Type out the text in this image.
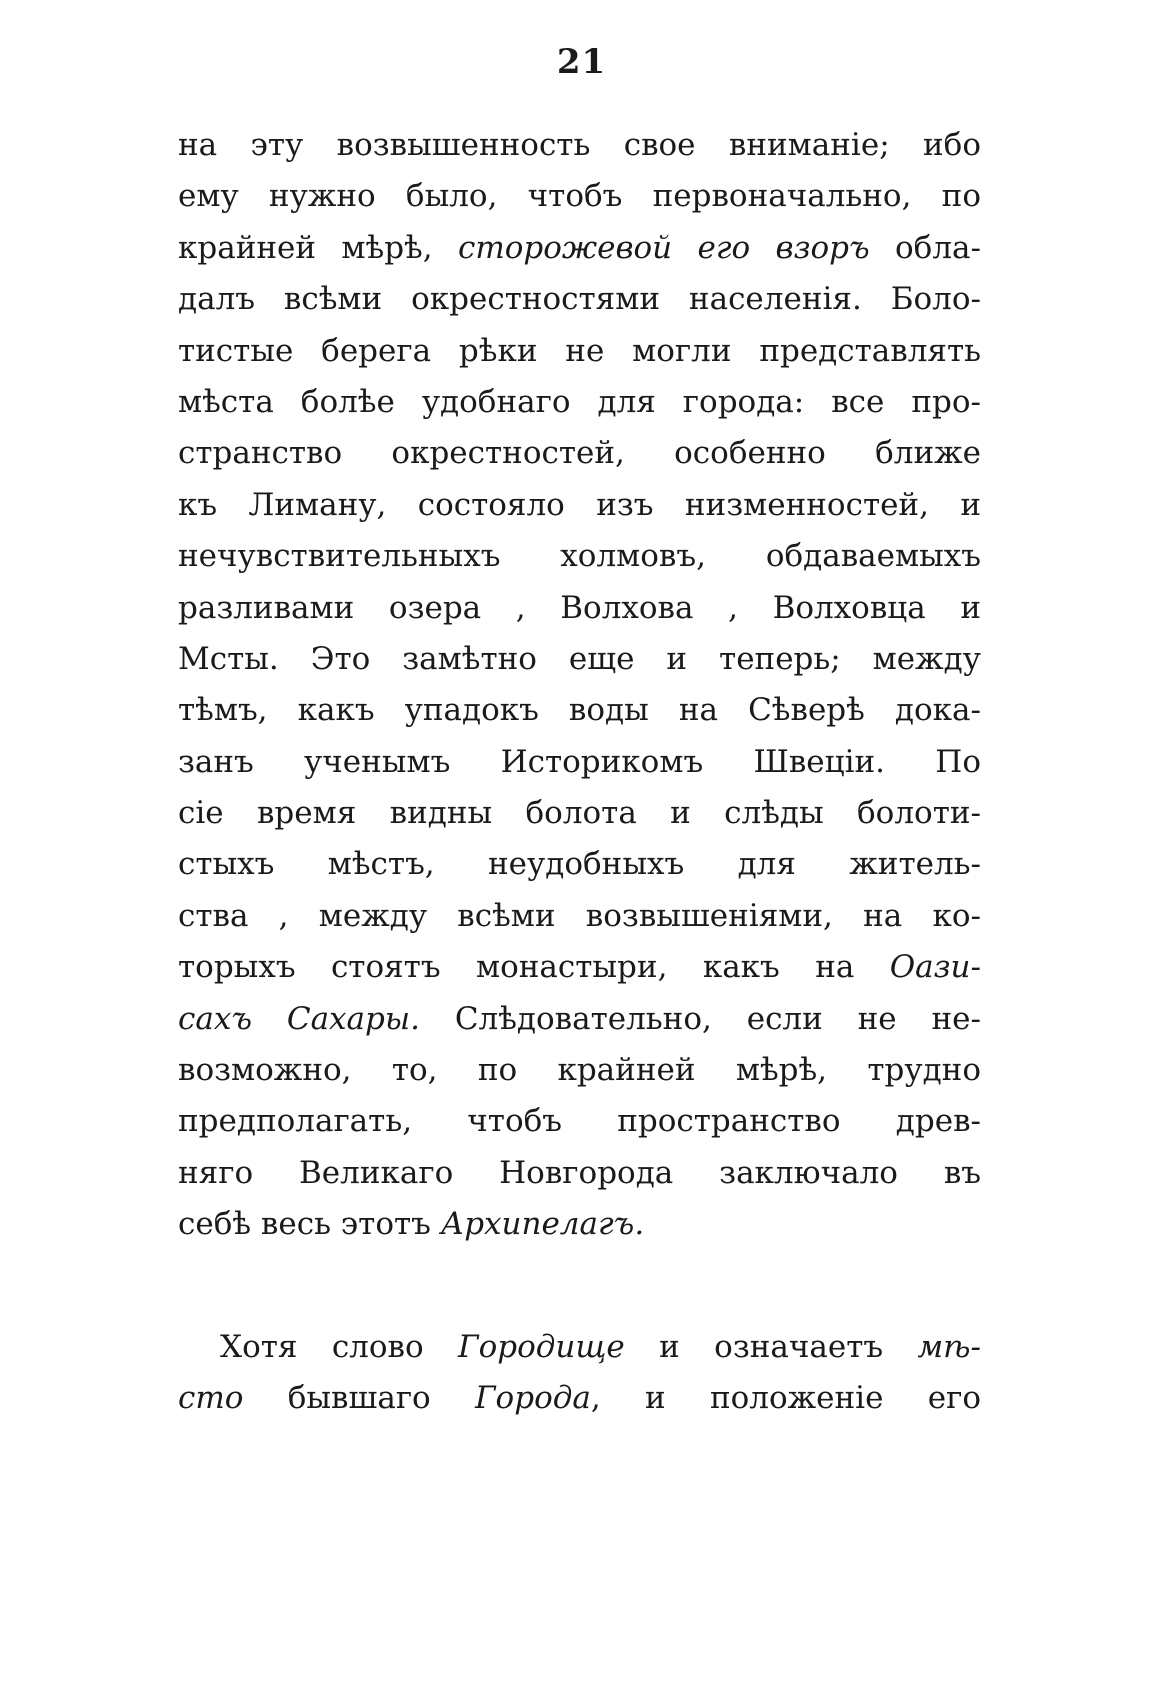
21
на эту возвышенность свое вниманіе; ибо
ему нужно было, чтобъ первоначально, по
крайней мѣрѣ, сторожевой его взоръ обла-
далъ всѣми окрестностями населенія. Боло-
тистые берега рѣки не могли представлять
мѣста болѣе удобнаго для города: все про-
странство окрестностей, особенно ближе
къ Лиману, состояло изъ низменностей, и
нечувствительныхъ холмовъ, обдаваемыхъ
разливами озера , Волхова , Волховца и
Мсты. Это замѣтно еще и теперь; между
тѣмъ, какъ упадокъ воды на Сѣверѣ дока-
занъ ученымъ Историкомъ Швеціи. По
сіе время видны болота и слѣды болоти-
стыхъ мѣстъ, неудобныхъ для житель-
ства , между всѣми возвышеніями, на ко-
торыхъ стоятъ монастыри, какъ на Оази-
сахъ Сахары. Слѣдовательно, если не не-
возможно, то, по крайней мѣрѣ, трудно
предполагать, чтобъ пространство древ-
няго Великаго Новгорода заключало въ
себѣ весь этотъ Архипелагъ.
Хотя слово Городище и означаетъ мѣ-
сто бывшаго Города, и положеніе его
